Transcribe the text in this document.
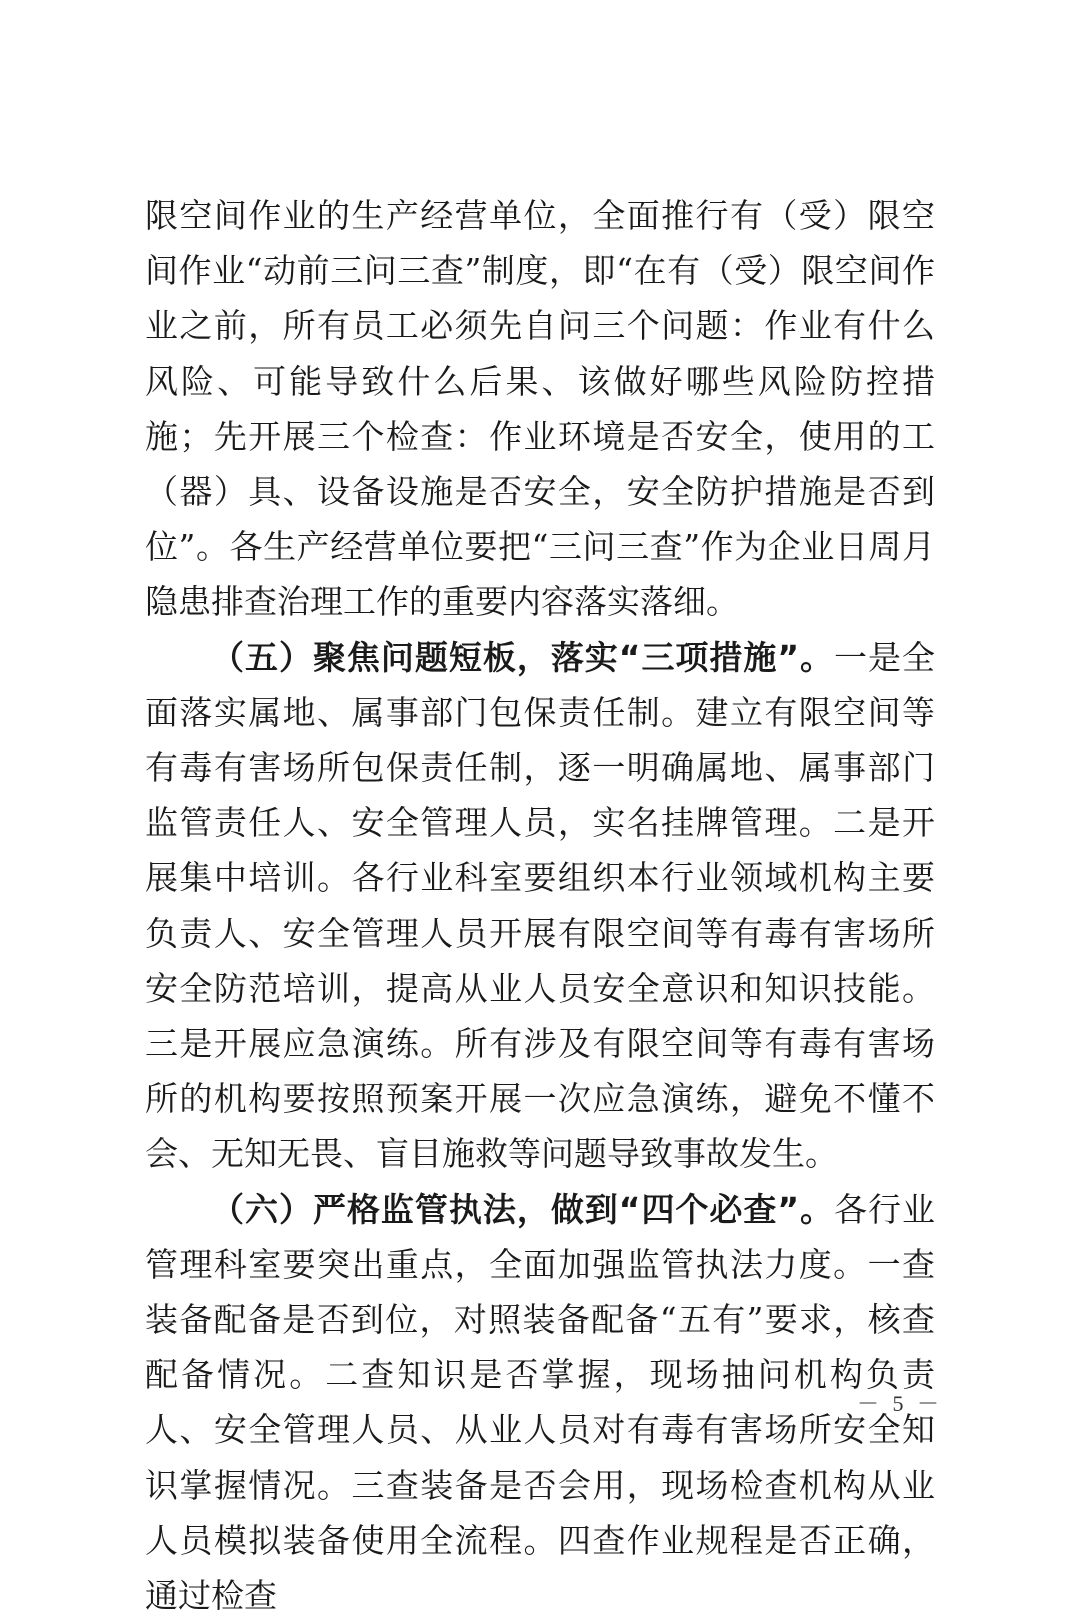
限空间作业的生产经营单位，全面推行有（受）限空间作业“动前三问三查”制度，即“在有（受）限空间作业之前，所有员工必须先自问三个问题：作业有什么风险、可能导致什么后果、该做好哪些风险防控措施；先开展三个检查：作业环境是否安全，使用的工（器）具、设备设施是否安全，安全防护措施是否到位”。各生产经营单位要把“三问三查”作为企业日周月隐患排查治理工作的重要内容落实落细。

（五）聚焦问题短板，落实“三项措施”。一是全面落实属地、属事部门包保责任制。建立有限空间等有毒有害场所包保责任制，逐一明确属地、属事部门监管责任人、安全管理人员，实名挂牌管理。二是开展集中培训。各行业科室要组织本行业领域机构主要负责人、安全管理人员开展有限空间等有毒有害场所安全防范培训，提高从业人员安全意识和知识技能。三是开展应急演练。所有涉及有限空间等有毒有害场所的机构要按照预案开展一次应急演练，避免不懂不会、无知无畏、盲目施救等问题导致事故发生。

（六）严格监管执法，做到“四个必查”。各行业管理科室要突出重点，全面加强监管执法力度。一查装备配备是否到位，对照装备配备“五有”要求，核查配备情况。二查知识是否掌握，现场抽问机构负责人、安全管理人员、从业人员对有毒有害场所安全知识掌握情况。三查装备是否会用，现场检查机构从业人员模拟装备使用全流程。四查作业规程是否正确，通过检查

－ 5 －
